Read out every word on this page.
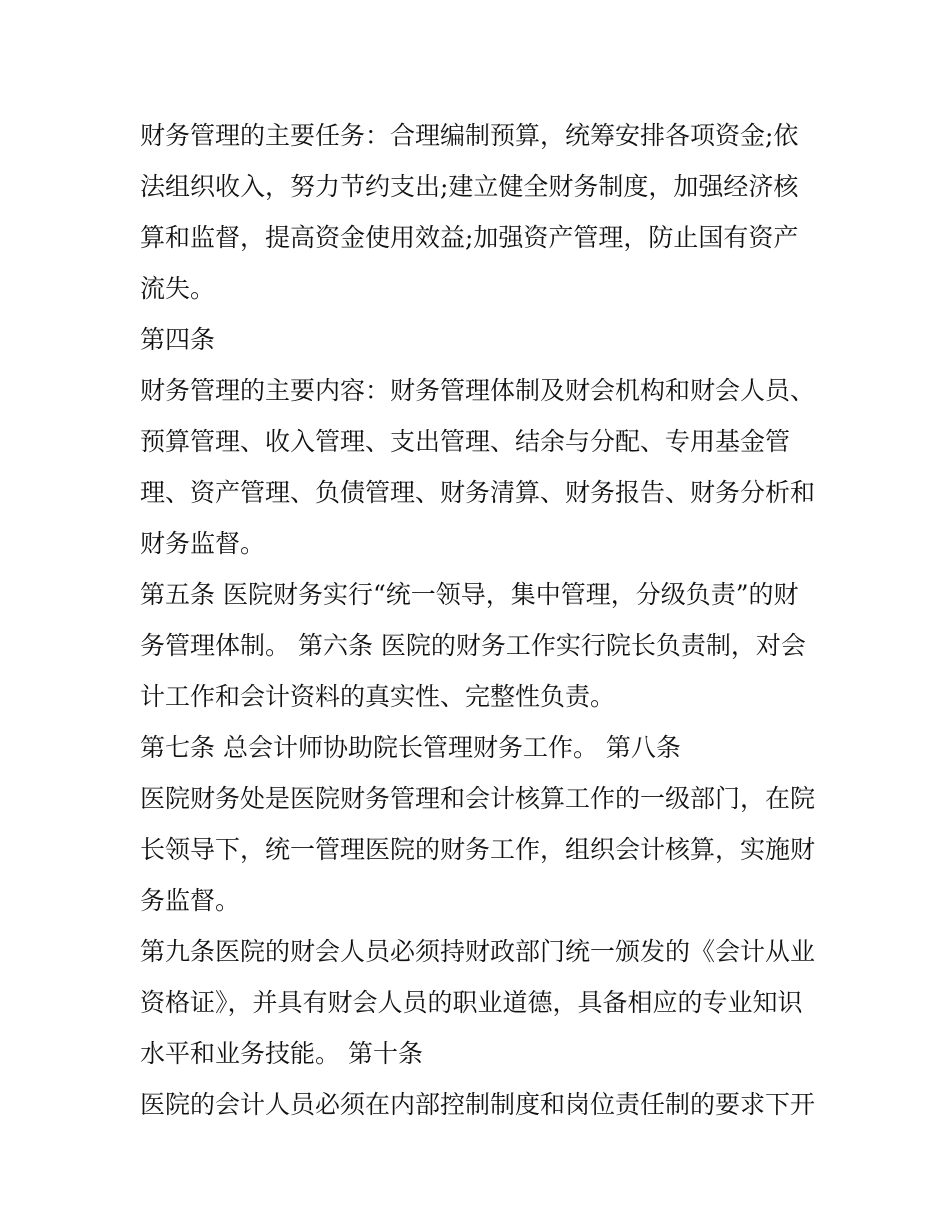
财务管理的主要任务：合理编制预算，统筹安排各项资金;依
法组织收入，努力节约支出;建立健全财务制度，加强经济核
算和监督，提高资金使用效益;加强资产管理，防止国有资产
流失。
第四条
财务管理的主要内容：财务管理体制及财会机构和财会人员、
预算管理、收入管理、支出管理、结余与分配、专用基金管
理、资产管理、负债管理、财务清算、财务报告、财务分析和
财务监督。
第五条 医院财务实行“统一领导，集中管理，分级负责”的财
务管理体制。 第六条 医院的财务工作实行院长负责制，对会
计工作和会计资料的真实性、完整性负责。
第七条 总会计师协助院长管理财务工作。 第八条
医院财务处是医院财务管理和会计核算工作的一级部门，在院
长领导下，统一管理医院的财务工作，组织会计核算，实施财
务监督。
第九条医院的财会人员必须持财政部门统一颁发的《会计从业
资格证》，并具有财会人员的职业道德，具备相应的专业知识
水平和业务技能。 第十条
医院的会计人员必须在内部控制制度和岗位责任制的要求下开
